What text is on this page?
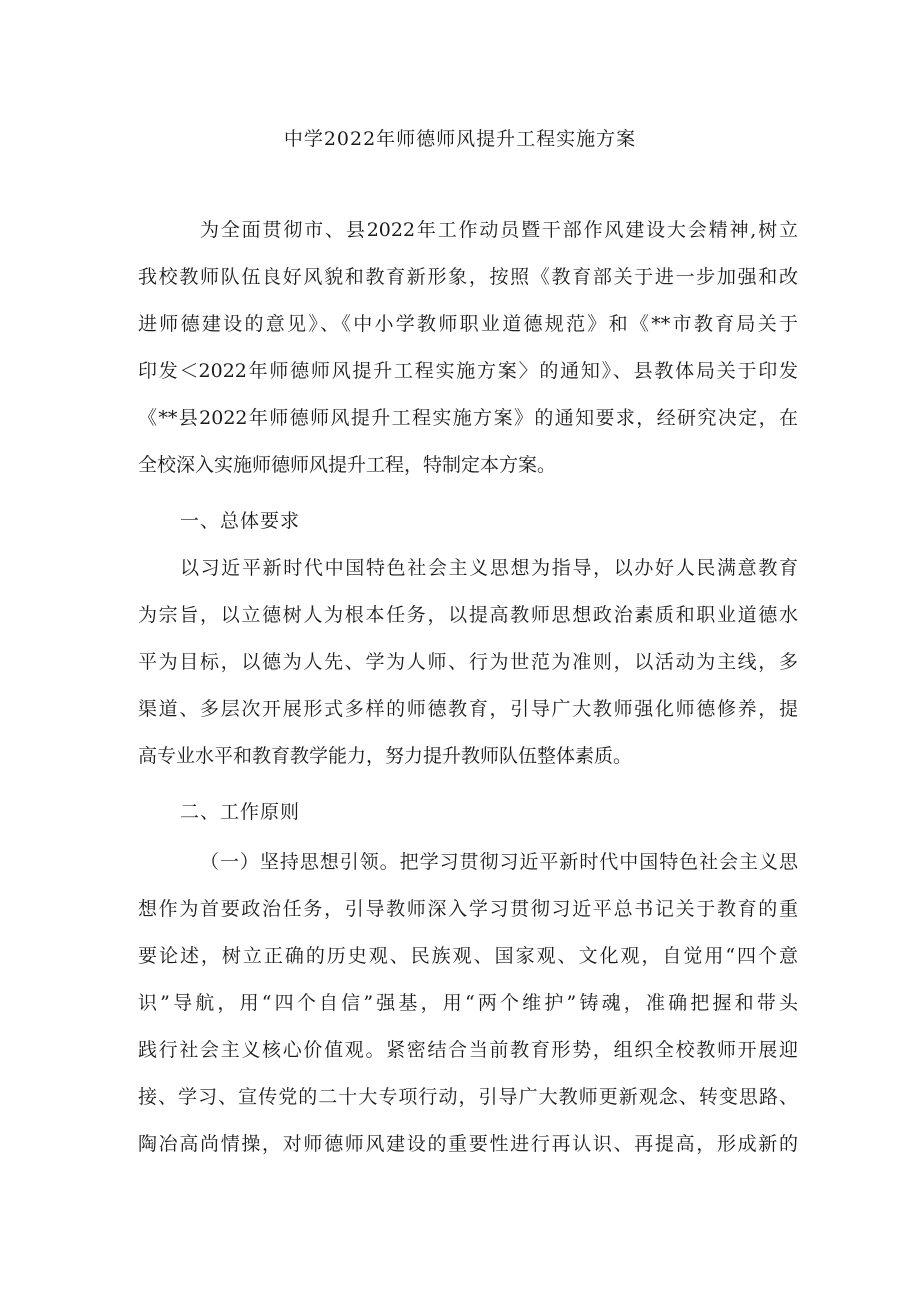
中学2022年师德师风提升工程实施方案
为全面贯彻市、县2022年工作动员暨干部作风建设大会精神,树立
我校教师队伍良好风貌和教育新形象，按照《教育部关于进一步加强和改
进师德建设的意见》、《中小学教师职业道德规范》和《**市教育局关于
印发＜2022年师德师风提升工程实施方案〉的通知》、县教体局关于印发
《**县2022年师德师风提升工程实施方案》的通知要求，经研究决定，在
全校深入实施师德师风提升工程，特制定本方案。
一、总体要求
以习近平新时代中国特色社会主义思想为指导，以办好人民满意教育
为宗旨，以立德树人为根本任务，以提高教师思想政治素质和职业道德水
平为目标，以德为人先、学为人师、行为世范为准则，以活动为主线，多
渠道、多层次开展形式多样的师德教育，引导广大教师强化师德修养，提
高专业水平和教育教学能力，努力提升教师队伍整体素质。
二、工作原则
（一）坚持思想引领。把学习贯彻习近平新时代中国特色社会主义思
想作为首要政治任务，引导教师深入学习贯彻习近平总书记关于教育的重
要论述，树立正确的历史观、民族观、国家观、文化观，自觉用“四个意
识”导航，用“四个自信”强基，用“两个维护”铸魂，准确把握和带头
践行社会主义核心价值观。紧密结合当前教育形势，组织全校教师开展迎
接、学习、宣传党的二十大专项行动，引导广大教师更新观念、转变思路、
陶冶高尚情操，对师德师风建设的重要性进行再认识、再提高，形成新的
